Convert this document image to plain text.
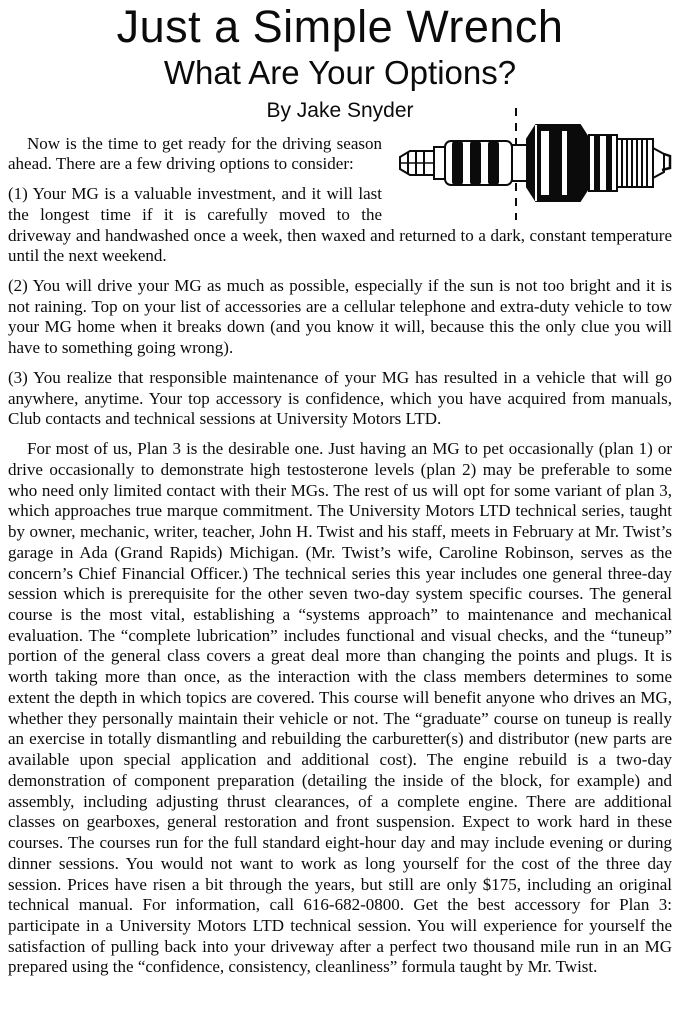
Just a Simple Wrench
What Are Your Options?
By Jake Snyder

Now is the time to get ready for the driving season ahead. There are a few driving options to consider:

(1) Your MG is a valuable investment, and it will last the longest time if it is carefully moved to the driveway and handwashed once a week, then waxed and returned to a dark, constant temperature until the next weekend.

(2) You will drive your MG as much as possible, especially if the sun is not too bright and it is not raining. Top on your list of accessories are a cellular telephone and extra-duty vehicle to tow your MG home when it breaks down (and you know it will, because this the only clue you will have to something going wrong).

(3) You realize that responsible maintenance of your MG has resulted in a vehicle that will go anywhere, anytime. Your top accessory is confidence, which you have acquired from manuals, Club contacts and technical sessions at University Motors LTD.

For most of us, Plan 3 is the desirable one. Just having an MG to pet occasionally (plan 1) or drive occasionally to demonstrate high testosterone levels (plan 2) may be preferable to some who need only limited contact with their MGs. The rest of us will opt for some variant of plan 3, which approaches true marque commitment. The University Motors LTD technical series, taught by owner, mechanic, writer, teacher, John H. Twist and his staff, meets in February at Mr. Twist’s garage in Ada (Grand Rapids) Michigan. (Mr. Twist’s wife, Caroline Robinson, serves as the concern’s Chief Financial Officer.) The technical series this year includes one general three-day session which is prerequisite for the other seven two-day system specific courses. The general course is the most vital, establishing a “systems approach” to maintenance and mechanical evaluation. The “complete lubrication” includes functional and visual checks, and the “tuneup” portion of the general class covers a great deal more than changing the points and plugs. It is worth taking more than once, as the interaction with the class members determines to some extent the depth in which topics are covered. This course will benefit anyone who drives an MG, whether they personally maintain their vehicle or not. The “graduate” course on tuneup is really an exercise in totally dismantling and rebuilding the carburetter(s) and distributor (new parts are available upon special application and additional cost). The engine rebuild is a two-day demonstration of component preparation (detailing the inside of the block, for example) and assembly, including adjusting thrust clearances, of a complete engine. There are additional classes on gearboxes, general restoration and front suspension. Expect to work hard in these courses. The courses run for the full standard eight-hour day and may include evening or during dinner sessions. You would not want to work as long yourself for the cost of the three day session. Prices have risen a bit through the years, but still are only $175, including an original technical manual. For information, call 616-682-0800. Get the best accessory for Plan 3: participate in a University Motors LTD technical session. You will experience for yourself the satisfaction of pulling back into your driveway after a perfect two thousand mile run in an MG prepared using the “confidence, consistency, cleanliness” formula taught by Mr. Twist.
